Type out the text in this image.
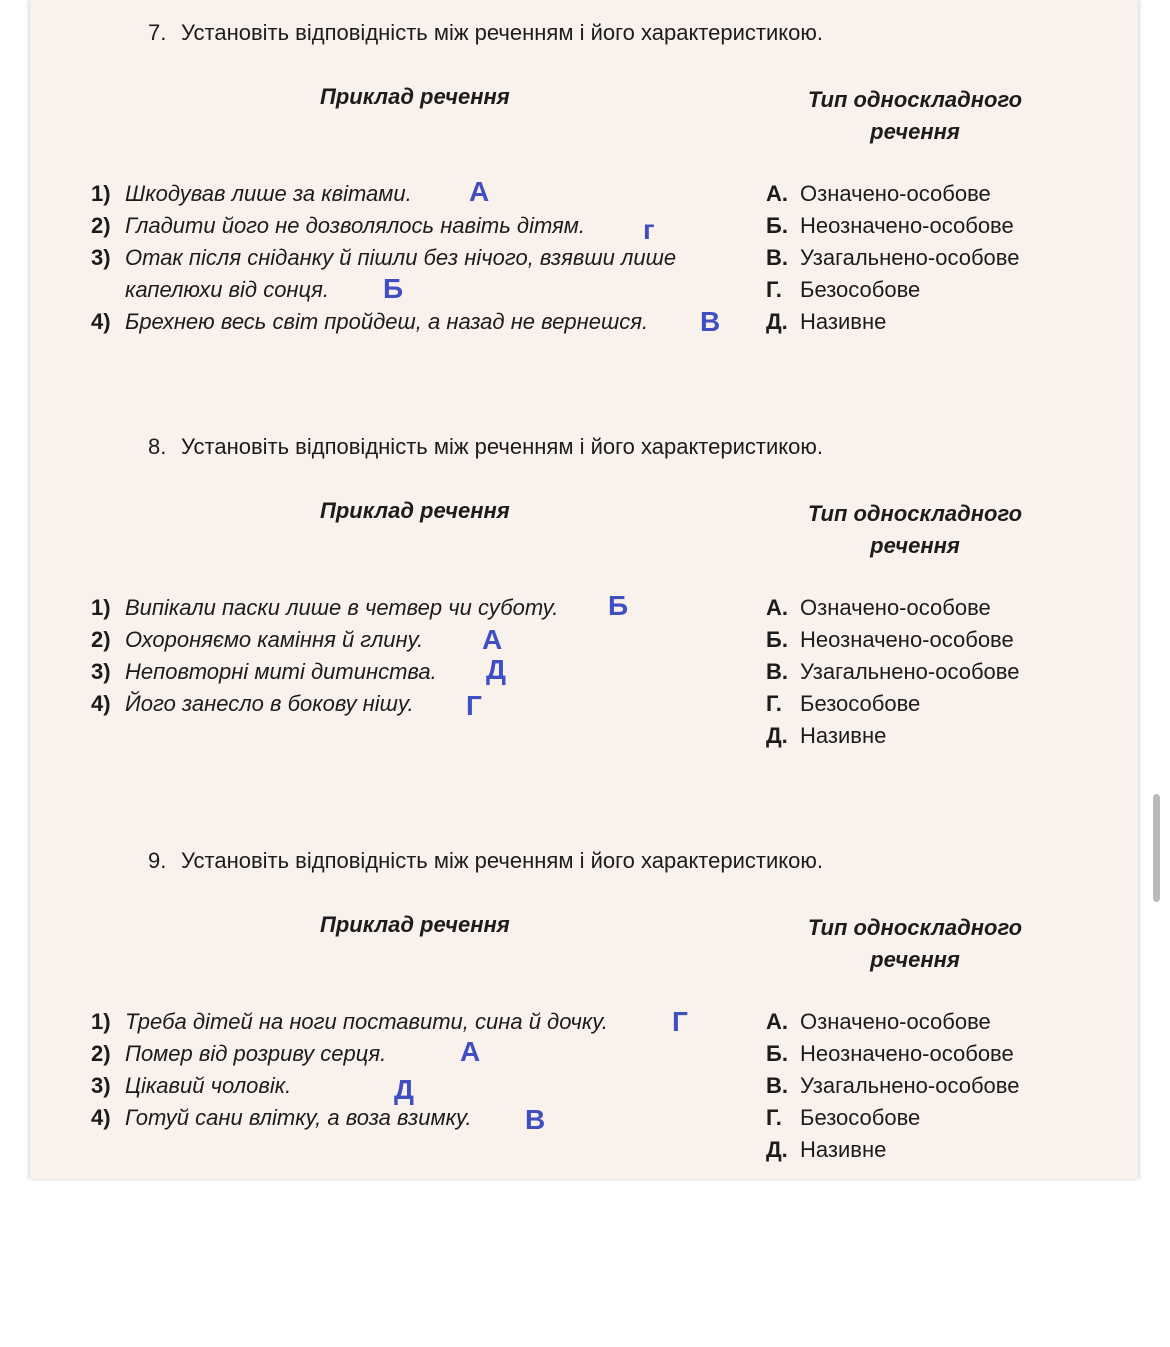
7. Установіть відповідність між реченням і його характеристикою.
Приклад речення	Тип односкладного речення
1) Шкодував лише за квітами. А
2) Гладити його не дозволялось навіть дітям. г
3) Отак після сніданку й пішли без нічого, взявши лише
капелюхи від сонця. Б
4) Брехнею весь світ пройдеш, а назад не вернешся. В
А. Означено-особове
Б. Неозначено-особове
В. Узагальнено-особове
Г. Безособове
Д. Називне
8. Установіть відповідність між реченням і його характеристикою.
Приклад речення	Тип односкладного речення
1) Випікали паски лише в четвер чи суботу. Б
2) Охороняємо каміння й глину. А
3) Неповторні миті дитинства. Д
4) Його занесло в бокову нішу. Г
А. Означено-особове
Б. Неозначено-особове
В. Узагальнено-особове
Г. Безособове
Д. Називне
9. Установіть відповідність між реченням і його характеристикою.
Приклад речення	Тип односкладного речення
1) Треба дітей на ноги поставити, сина й дочку. Г
2) Помер від розриву серця.	А
3) Цікавий чоловік.	Д
4) Готуй сани влітку, а воза взимку. В
А. Означено-особове
Б. Неозначено-особове
В. Узагальнено-особове
Г. Безособове
Д. Називне
